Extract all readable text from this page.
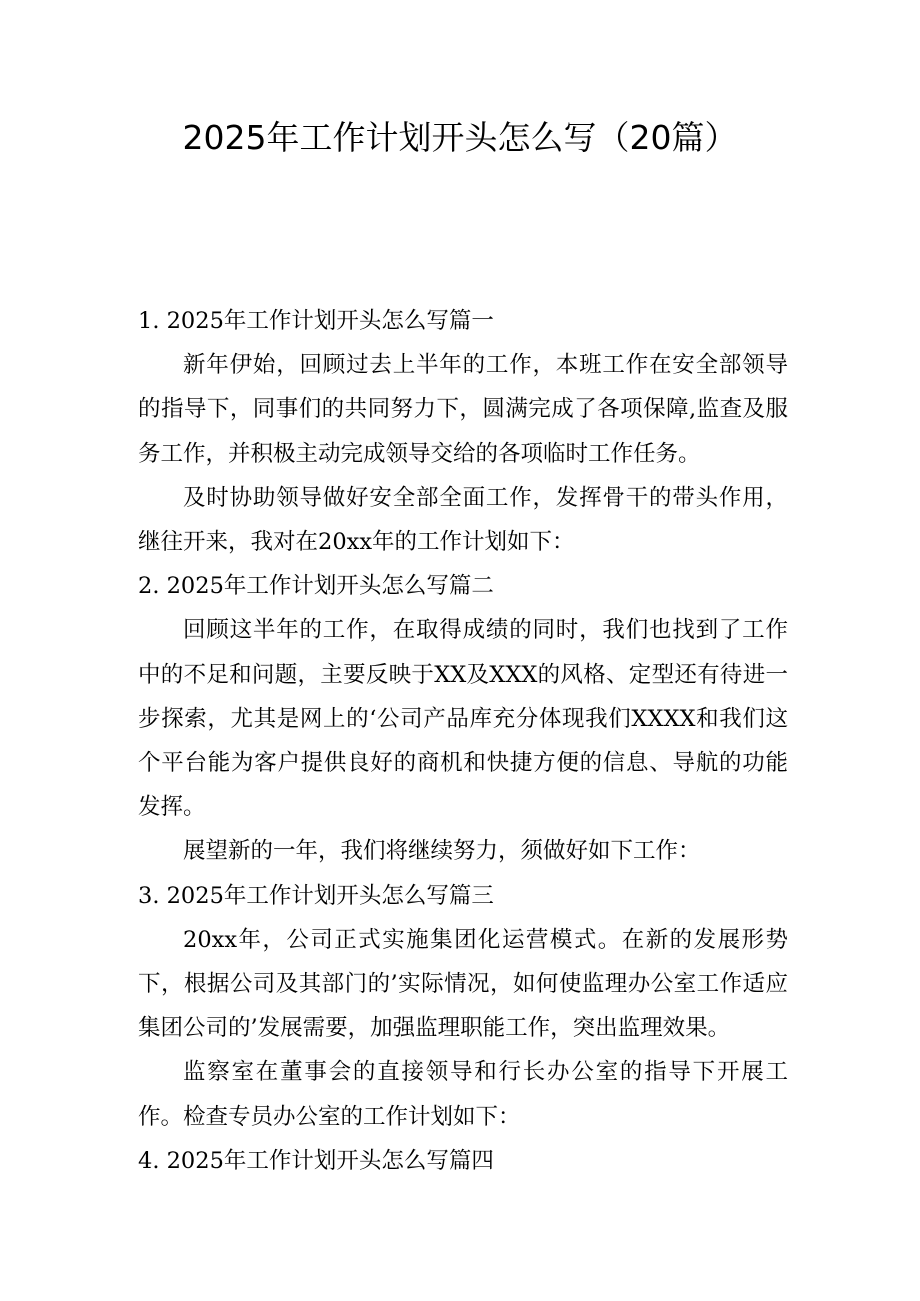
2025年工作计划开头怎么写（20篇）

1. 2025年工作计划开头怎么写篇一

新年伊始，回顾过去上半年的工作，本班工作在安全部领导的指导下，同事们的共同努力下，圆满完成了各项保障,监查及服务工作，并积极主动完成领导交给的各项临时工作任务。

及时协助领导做好安全部全面工作，发挥骨干的带头作用，继往开来，我对在20xx年的工作计划如下：

2. 2025年工作计划开头怎么写篇二

回顾这半年的工作，在取得成绩的同时，我们也找到了工作中的不足和问题，主要反映于XX及XXX的风格、定型还有待进一步探索，尤其是网上的‘公司产品库充分体现我们XXXX和我们这个平台能为客户提供良好的商机和快捷方便的信息、导航的功能发挥。

展望新的一年，我们将继续努力，须做好如下工作：

3. 2025年工作计划开头怎么写篇三

20xx年，公司正式实施集团化运营模式。在新的发展形势下，根据公司及其部门的’实际情况，如何使监理办公室工作适应集团公司的’发展需要，加强监理职能工作，突出监理效果。

监察室在董事会的直接领导和行长办公室的指导下开展工作。检查专员办公室的工作计划如下：

4. 2025年工作计划开头怎么写篇四
